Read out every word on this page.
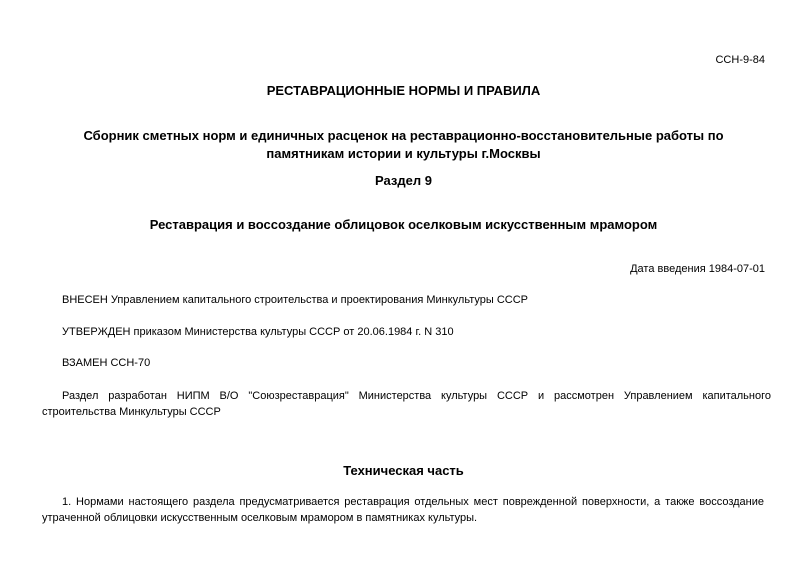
ССН-9-84
РЕСТАВРАЦИОННЫЕ НОРМЫ И ПРАВИЛА
Сборник сметных норм и единичных расценок на реставрационно-восстановительные работы по
памятникам истории и культуры г.Москвы
Раздел 9
Реставрация и воссоздание облицовок оселковым искусственным мрамором
Дата введения 1984-07-01
ВНЕСЕН Управлением капитального строительства и проектирования Минкультуры СССР
УТВЕРЖДЕН приказом Министерства культуры СССР от 20.06.1984 г. N 310
ВЗАМЕН ССН-70
Раздел разработан НИПМ В/О "Союзреставрация" Министерства культуры СССР и рассмотрен Управлением капитального
строительства Минкультуры СССР
Техническая часть
1. Нормами настоящего раздела предусматривается реставрация отдельных мест поврежденной поверхности, а также воссоздание
утраченной облицовки искусственным оселковым мрамором в памятниках культуры.
